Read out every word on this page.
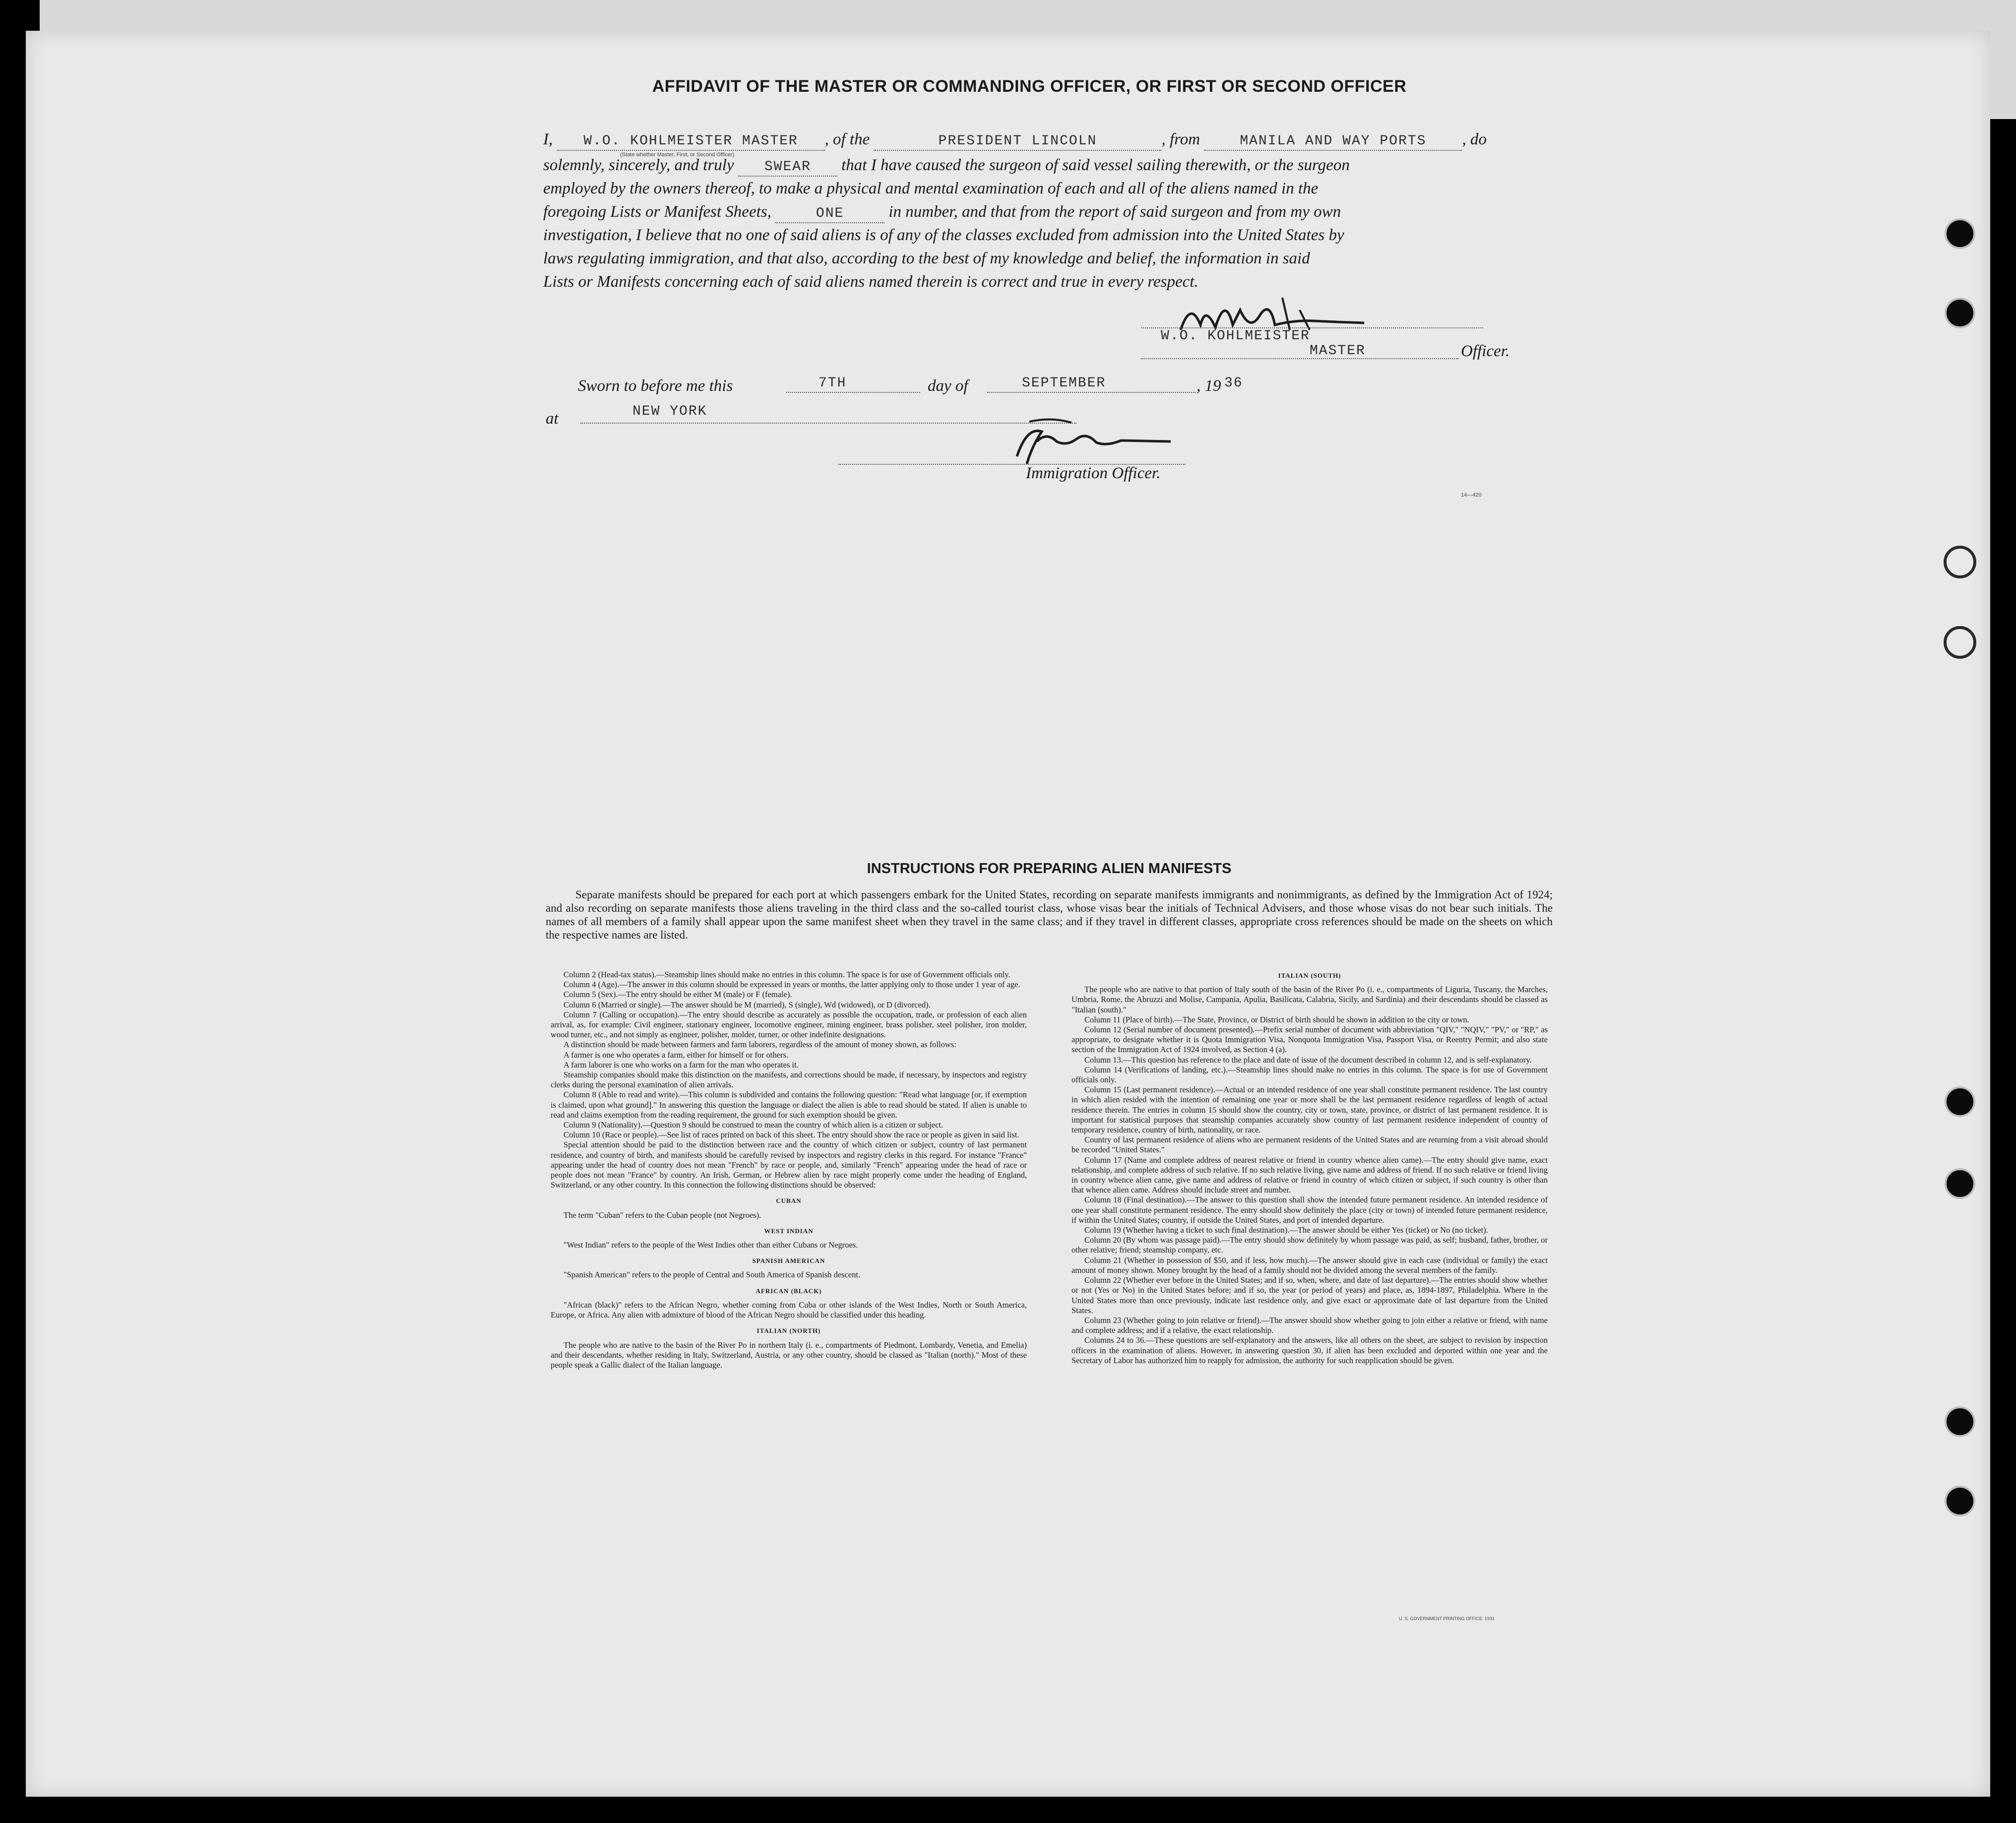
AFFIDAVIT OF THE MASTER OR COMMANDING OFFICER, OR FIRST OR SECOND OFFICER
I, W.O. KOHLMEISTER MASTER , of the	PRESIDENT LINCOLN	, from	MANILA AND WAY PORTS , do
(State whether Master, First, or Second Officer)
solemnly, sincerely, and truly SWEAR that I have caused the surgeon of said vessel sailing therewith, or the surgeon
employed by the owners thereof, to make a physical and mental examination of each and all of the aliens named in the
foregoing Lists or Manifest Sheets,	ONE	in number, and that from the report of said surgeon and from my own
investigation, I believe that no one of said aliens is of any of the classes excluded from admission into the United States by
laws regulating immigration, and that also, according to the best of my knowledge and belief, the information in said
Lists or Manifests concerning each of said aliens named therein is correct and true in every respect.
W.O. KOHLMEISTER
MASTER	Officer.
Sworn to before me this	7TH	day of	SEPTEMBER	, 19 36
at	NEW YORK
Immigration Officer.
14—420
INSTRUCTIONS FOR PREPARING ALIEN MANIFESTS
Separate manifests should be prepared for each port at which passengers embark for the United States, recording on separate manifests immigrants and nonimmigrants, as defined by the Immigration Act of 1924; and also recording on separate manifests those aliens traveling in the third class and the so-called tourist class, whose visas bear the initials of Technical Advisers, and those whose visas do not bear such initials. The names of all members of a family shall appear upon the same manifest sheet when they travel in the same class; and if they travel in different classes, appropriate cross references should be made on the sheets on which the respective names are listed.

Column 2 (Head-tax status).—Steamship lines should make no entries in this column. The space is for use of Government officials only.

Column 4 (Age).—The answer in this column should be expressed in years or months, the latter applying only to those under 1 year of age.

Column 5 (Sex).—The entry should be either M (male) or F (female).

Column 6 (Married or single).—The answer should be M (married), S (single), Wd (widowed), or D (divorced).

Column 7 (Calling or occupation).—The entry should describe as accurately as possible the occupation, trade, or profession of each alien arrival, as, for example: Civil engineer, stationary engineer, locomotive engineer, mining engineer, brass polisher, steel polisher, iron molder, wood turner, etc., and not simply as engineer, polisher, molder, turner, or other indefinite designations.

A distinction should be made between farmers and farm laborers, regardless of the amount of money shown, as follows:

A farmer is one who operates a farm, either for himself or for others.

A farm laborer is one who works on a farm for the man who operates it.

Steamship companies should make this distinction on the manifests, and corrections should be made, if necessary, by inspectors and registry clerks during the personal examination of alien arrivals.

Column 8 (Able to read and write).—This column is subdivided and contains the following question: "Read what language [or, if exemption is claimed, upon what ground]." In answering this question the language or dialect the alien is able to read should be stated. If alien is unable to read and claims exemption from the reading requirement, the ground for such exemption should be given.

Column 9 (Nationality).—Question 9 should be construed to mean the country of which alien is a citizen or subject.

Column 10 (Race or people).—See list of races printed on back of this sheet. The entry should show the race or people as given in said list.

Special attention should be paid to the distinction between race and the country of which citizen or subject, country of last permanent residence, and country of birth, and manifests should be carefully revised by inspectors and registry clerks in this regard. For instance "France" appearing under the head of country does not mean "French" by race or people, and, similarly "French" appearing under the head of race or people does not mean "France" by country. An Irish, German, or Hebrew alien by race might properly come under the heading of England, Switzerland, or any other country. In this connection the following distinctions should be observed:

CUBAN

The term "Cuban" refers to the Cuban people (not Negroes).

WEST INDIAN

"West Indian" refers to the people of the West Indies other than either Cubans or Negroes.

SPANISH AMERICAN

"Spanish American" refers to the people of Central and South America of Spanish descent.

AFRICAN (BLACK)

"African (black)" refers to the African Negro, whether coming from Cuba or other islands of the West Indies, North or South America, Europe, or Africa. Any alien with admixture of blood of the African Negro should be classified under this heading.

ITALIAN (NORTH)

The people who are native to the basin of the River Po in northern Italy (i. e., compartments of Piedmont, Lombardy, Venetia, and Emelia) and their descendants, whether residing in Italy, Switzerland, Austria, or any other country, should be classed as "Italian (north)." Most of these people speak a Gallic dialect of the Italian language.

ITALIAN (SOUTH)

The people who are native to that portion of Italy south of the basin of the River Po (i. e., compartments of Liguria, Tuscany, the Marches, Umbria, Rome, the Abruzzi and Molise, Campania, Apulia, Basilicata, Calabria, Sicily, and Sardinia) and their descendants should be classed as "Italian (south)."

Column 11 (Place of birth).—The State, Province, or District of birth should be shown in addition to the city or town.

Column 12 (Serial number of document presented).—Prefix serial number of document with abbreviation "QIV," "NQIV," "PV," or "RP," as appropriate, to designate whether it is Quota Immigration Visa, Nonquota Immigration Visa, Passport Visa, or Reentry Permit; and also state section of the Immigration Act of 1924 involved, as Section 4 (a).

Column 13.—This question has reference to the place and date of issue of the document described in column 12, and is self-explanatory.

Column 14 (Verifications of landing, etc.).—Steamship lines should make no entries in this column. The space is for use of Government officials only.

Column 15 (Last permanent residence).—Actual or an intended residence of one year shall constitute permanent residence. The last country in which alien resided with the intention of remaining one year or more shall be the last permanent residence regardless of length of actual residence therein. The entries in column 15 should show the country, city or town, state, province, or district of last permanent residence. It is important for statistical purposes that steamship companies accurately show country of last permanent residence independent of country of temporary residence, country of birth, nationality, or race.

Country of last permanent residence of aliens who are permanent residents of the United States and are returning from a visit abroad should be recorded "United States."

Column 17 (Name and complete address of nearest relative or friend in country whence alien came).—The entry should give name, exact relationship, and complete address of such relative. If no such relative living, give name and address of friend. If no such relative or friend living in country whence alien came, give name and address of relative or friend in country of which citizen or subject, if such country is other than that whence alien came. Address should include street and number.

Column 18 (Final destination).—The answer to this question shall show the intended future permanent residence. An intended residence of one year shall constitute permanent residence. The entry should show definitely the place (city or town) of intended future permanent residence, if within the United States; country, if outside the United States, and port of intended departure.

Column 19 (Whether having a ticket to such final destination).—The answer should be either Yes (ticket) or No (no ticket).

Column 20 (By whom was passage paid).—The entry should show definitely by whom passage was paid, as self; husband, father, brother, or other relative; friend; steamship company, etc.

Column 21 (Whether in possession of $50, and if less, how much).—The answer should give in each case (individual or family) the exact amount of money shown. Money brought by the head of a family should not be divided among the several members of the family.

Column 22 (Whether ever before in the United States; and if so, when, where, and date of last departure).—The entries should show whether or not (Yes or No) in the United States before; and if so, the year (or period of years) and place, as, 1894-1897, Philadelphia. Where in the United States more than once previously, indicate last residence only, and give exact or approximate date of last departure from the United States.

Column 23 (Whether going to join relative or friend).—The answer should show whether going to join either a relative or friend, with name and complete address; and if a relative, the exact relationship.

Columns 24 to 36.—These questions are self-explanatory and the answers, like all others on the sheet, are subject to revision by inspection officers in the examination of aliens. However, in answering question 30, if alien has been excluded and deported within one year and the Secretary of Labor has authorized him to reapply for admission, the authority for such reapplication should be given.

U. S. GOVERNMENT PRINTING OFFICE: 1931
